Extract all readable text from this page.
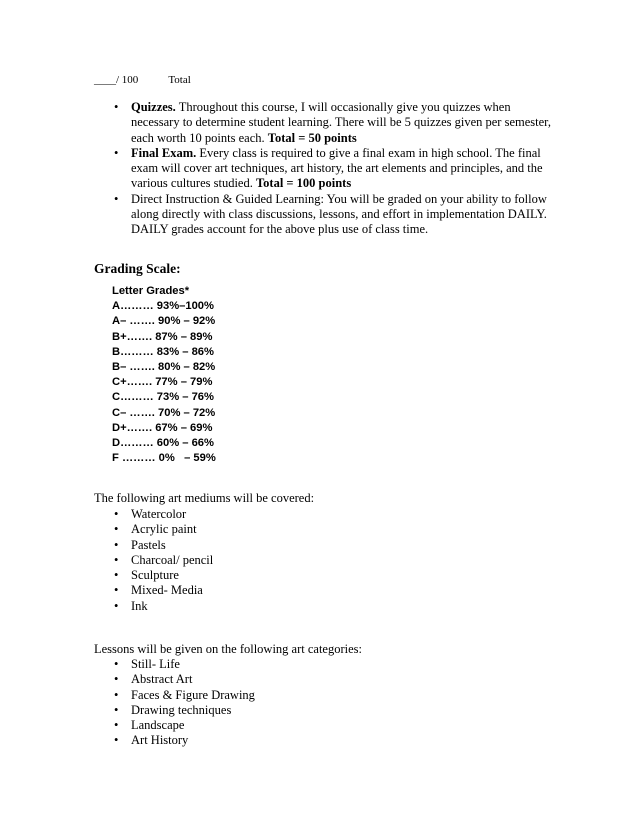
____/ 100	Total
• Quizzes. Throughout this course, I will occasionally give you quizzes when necessary to determine student learning. There will be 5 quizzes given per semester, each worth 10 points each. Total = 50 points
• Final Exam. Every class is required to give a final exam in high school. The final exam will cover art techniques, art history, the art elements and principles, and the various cultures studied. Total = 100 points
• Direct Instruction & Guided Learning: You will be graded on your ability to follow along directly with class discussions, lessons, and effort in implementation DAILY. DAILY grades account for the above plus use of class time.
Grading Scale:
Letter Grades*
A……… 93%–100%
A– ……. 90% – 92%
B+……. 87% – 89%
B……… 83% – 86%
B– ……. 80% – 82%
C+……. 77% – 79%
C……… 73% – 76%
C– ……. 70% – 72%
D+……. 67% – 69%
D……… 60% – 66%
F ……… 0%   – 59%
The following art mediums will be covered:
• Watercolor
• Acrylic paint
• Pastels
• Charcoal/ pencil
• Sculpture
• Mixed- Media
• Ink
Lessons will be given on the following art categories:
• Still- Life
• Abstract Art
• Faces & Figure Drawing
• Drawing techniques
• Landscape
• Art History
